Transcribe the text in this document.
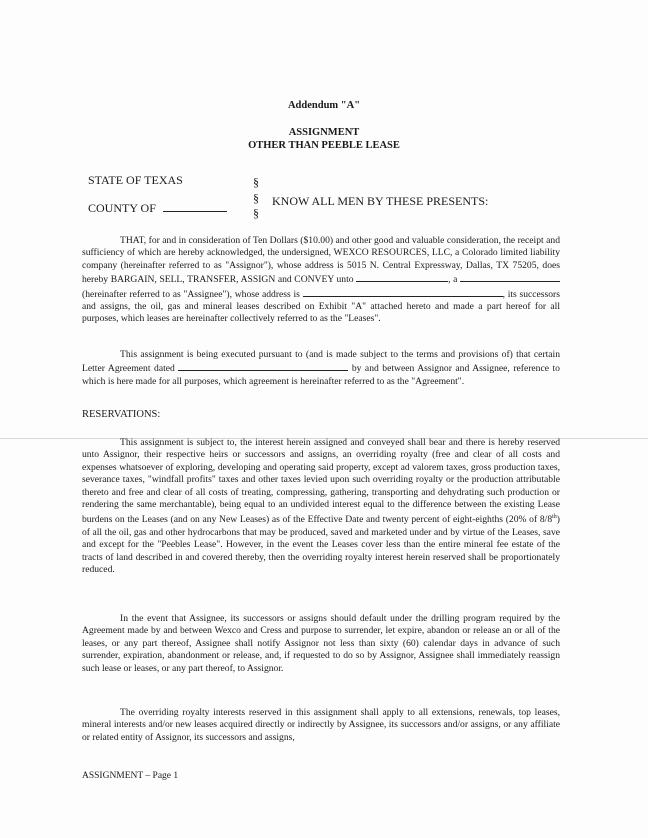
Addendum "A"
ASSIGNMENT
OTHER THAN PEEBLE LEASE
STATE OF TEXAS
COUNTY OF
§
§
§
KNOW ALL MEN BY THESE PRESENTS:
THAT, for and in consideration of Ten Dollars ($10.00) and other good and valuable consideration, the receipt and sufficiency of which are hereby acknowledged, the undersigned, WEXCO RESOURCES, LLC, a Colorado limited liability company (hereinafter referred to as "Assignor"), whose address is 5015 N. Central Expressway, Dallas, TX 75205, does hereby BARGAIN, SELL, TRANSFER, ASSIGN and CONVEY unto	, a  (hereinafter referred to as "Assignee"), whose address is	, its successors and assigns, the oil, gas and mineral leases described on Exhibit "A" attached hereto and made a part hereof for all purposes, which leases are hereinafter collectively referred to as the "Leases".
This assignment is being executed pursuant to (and is made subject to the terms and provisions of) that certain Letter Agreement dated	by and between Assignor and Assignee, reference to which is here made for all purposes, which agreement is hereinafter referred to as the "Agreement".
RESERVATIONS:
This assignment is subject to, the interest herein assigned and conveyed shall bear and there is hereby reserved unto Assignor, their respective heirs or successors and assigns, an overriding royalty (free and clear of all costs and expenses whatsoever of exploring, developing and operating said property, except ad valorem taxes, gross production taxes, severance taxes, "windfall profits" taxes and other taxes levied upon such overriding royalty or the production attributable thereto and free and clear of all costs of treating, compressing, gathering, transporting and dehydrating such production or rendering the same merchantable), being equal to an undivided interest equal to the difference between the existing Lease burdens on the Leases (and on any New Leases) as of the Effective Date and twenty percent of eight-eighths (20% of 8/8th) of all the oil, gas and other hydrocarbons that may be produced, saved and marketed under and by virtue of the Leases, save and except for the "Peebles Lease". However, in the event the Leases cover less than the entire mineral fee estate of the tracts of land described in and covered thereby, then the overriding royalty interest herein reserved shall be proportionately reduced.
In the event that Assignee, its successors or assigns should default under the drilling program required by the Agreement made by and between Wexco and Cress and purpose to surrender, let expire, abandon or release an or all of the leases, or any part thereof, Assignee shall notify Assignor not less than sixty (60) calendar days in advance of such surrender, expiration, abandonment or release, and, if requested to do so by Assignor, Assignee shall immediately reassign such lease or leases, or any part thereof, to Assignor.
The overriding royalty interests reserved in this assignment shall apply to all extensions, renewals, top leases, mineral interests and/or new leases acquired directly or indirectly by Assignee, its successors and/or assigns, or any affiliate or related entity of Assignor, its successors and assigns,
ASSIGNMENT – Page 1
